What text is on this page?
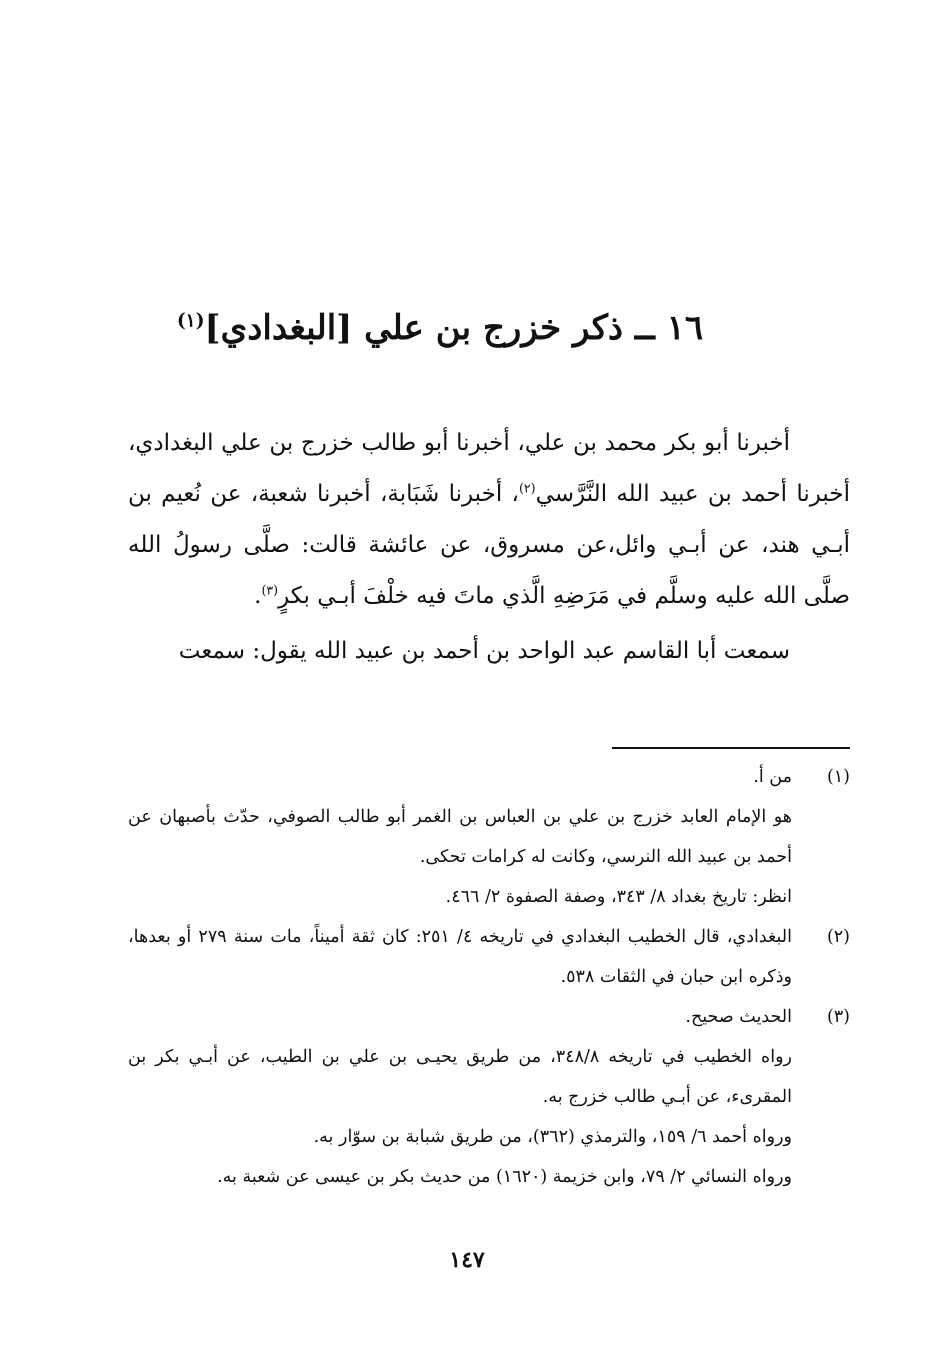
١٦ ــ ذكر خزرج بن علي [البغدادي]$^{(١)}$

أخبرنا أبو بكر محمد بن علي، أخبرنا أبو طالب خزرج بن علي البغدادي، أخبرنا أحمد بن عبيد الله النَّرَّسي$^{(٢)}$، أخبرنا شَبَابة، أخبرنا شعبة، عن نُعيم بن أبـي هند، عن أبـي وائل،عن مسروق، عن عائشة قالت: صلَّى رسولُ الله صلَّى الله عليه وسلَّم في مَرَضِهِ الَّذي ماتَ فيه خلْفَ أبـي بكرٍ$^{(٣)}$.

سمعت أبا القاسم عبد الواحد بن أحمد بن عبيد الله يقول: سمعت

(١)

من أ.

هو الإمام العابد خزرج بن علي بن العباس بن الغمر أبو طالب الصوفي، حدّث بأصبهان عن أحمد بن عبيد الله النرسي، وكانت له كرامات تحكى.

انظر: تاريخ بغداد ٨/ ٣٤٣، وصفة الصفوة ٢/ ٤٦٦.

(٢)

البغدادي، قال الخطيب البغدادي في تاريخه ٤/ ٢٥١: كان ثقة أميناً، مات سنة ٢٧٩ أو بعدها، وذكره ابن حبان في الثقات ٥٣٨.

(٣)

الحديث صحيح.

رواه الخطيب في تاريخه ٣٤٨/٨، من طريق يحيـى بن علي بن الطيب، عن أبـي بكر بن المقرىء، عن أبـي طالب خزرج به.

ورواه أحمد ٦/ ١٥٩، والترمذي (٣٦٢)، من طريق شبابة بن سوّار به.

ورواه النسائي ٢/ ٧٩، وابن خزيمة (١٦٢٠) من حديث بكر بن عيسى عن شعبة به.

١٤٧
